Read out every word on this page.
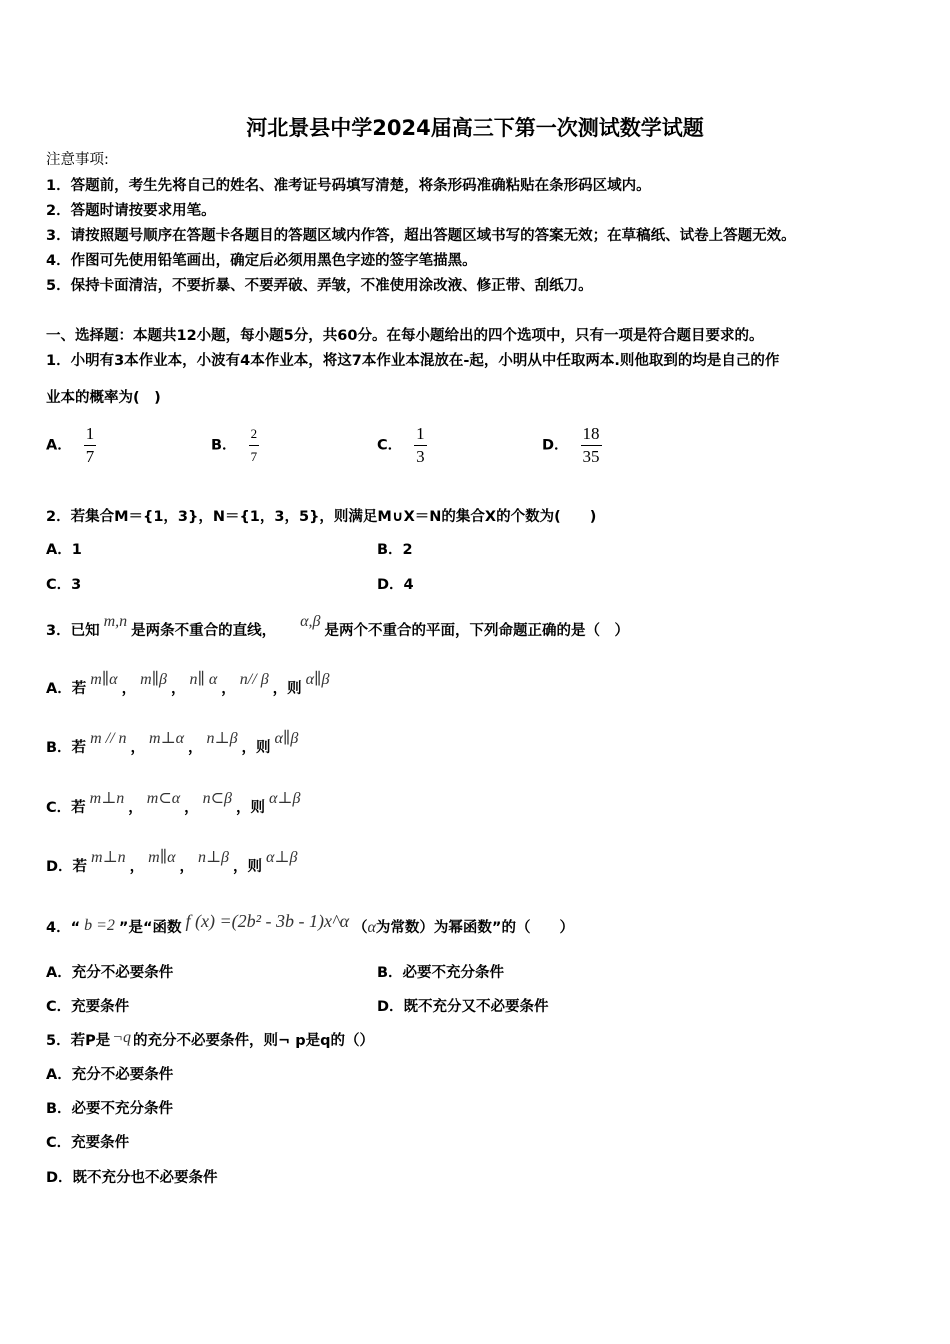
河北景县中学2024届高三下第一次测试数学试题
注意事项:
1．答题前，考生先将自己的姓名、准考证号码填写清楚，将条形码准确粘贴在条形码区域内。
2．答题时请按要求用笔。
3．请按照题号顺序在答题卡各题目的答题区域内作答，超出答题区域书写的答案无效；在草稿纸、试卷上答题无效。
4．作图可先使用铅笔画出，确定后必须用黑色字迹的签字笔描黑。
5．保持卡面清洁，不要折暴、不要弄破、弄皱，不准使用涂改液、修正带、刮纸刀。
一、选择题：本题共12小题，每小题5分，共60分。在每小题给出的四个选项中，只有一项是符合题目要求的。
1．小明有3本作业本，小波有4本作业本，将这7本作业本混放在-起，小明从中任取两本.则他取到的均是自己的作
业本的概率为(　)
A． $\frac{1}{7}$	B． $\frac{2}{7}$	C． $\frac{1}{3}$	D． $\frac{18}{35}$
2．若集合M＝{1，3}，N＝{1，3，5}，则满足M∪X＝N的集合X的个数为(　　)
A．1	B．2
C．3	D．4
3．已知m,n是两条不重合的直线，α,β是两个不重合的平面，下列命题正确的是（　）
A．若m∥α，m∥β，n∥ α，n// β，则α∥β
B．若m // n，m⊥α，n⊥β，则α∥β
C．若m⊥n，m⊂α，n⊂β，则α⊥β
D．若m⊥n，m∥α，n⊥β，则α⊥β
4．“ b =2 ”是“函数 f (x) =(2b² - 3b - 1)x^α （α为常数）为幂函数”的（　　）
A．充分不必要条件	B．必要不充分条件
C．充要条件	D．既不充分又不必要条件
5．若P是 ¬q 的充分不必要条件，则¬ p是q的（）
A．充分不必要条件
B．必要不充分条件
C．充要条件
D．既不充分也不必要条件
